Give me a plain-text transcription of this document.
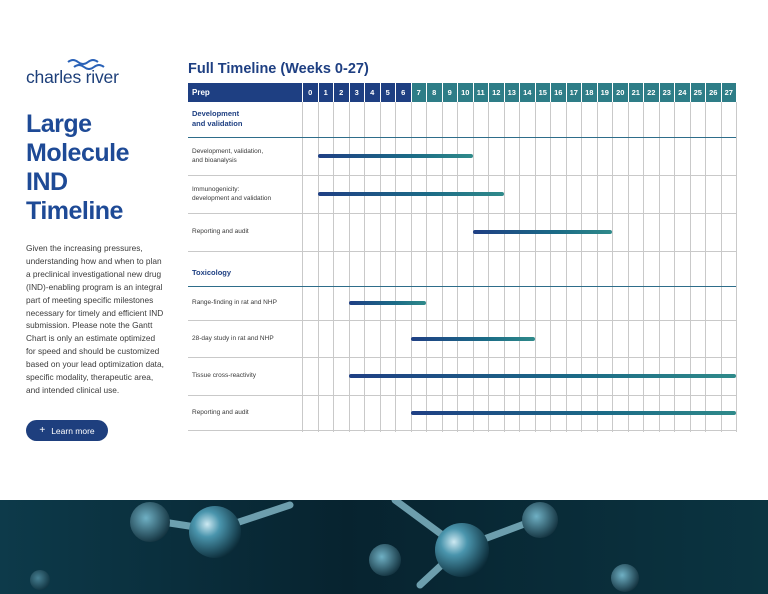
charles river
Large
Molecule
IND
Timeline
Given the increasing pressures, understanding how and when to plan a preclinical investigational new drug (IND)-enabling program is an integral part of meeting specific milestones necessary for timely and efficient IND submission. Please note the Gantt Chart is only an estimate optimized for speed and should be customized based on your lead optimization data, specific modality, therapeutic area, and intended clinical use.
+ Learn more
Full Timeline (Weeks 0-27)
Prep	0	1	2	3	4	5	6	7	8	9	10 11 12 13 14 15 16 17 18 19 20 21 22 23 24 25 26 27
Development
and validation
Development, validation,
and bioanalysis
Immunogenicity:
development and validation
Reporting and audit
Toxicology
Range-finding in rat and NHP
28-day study in rat and NHP
Tissue cross-reactivity
Reporting and audit
